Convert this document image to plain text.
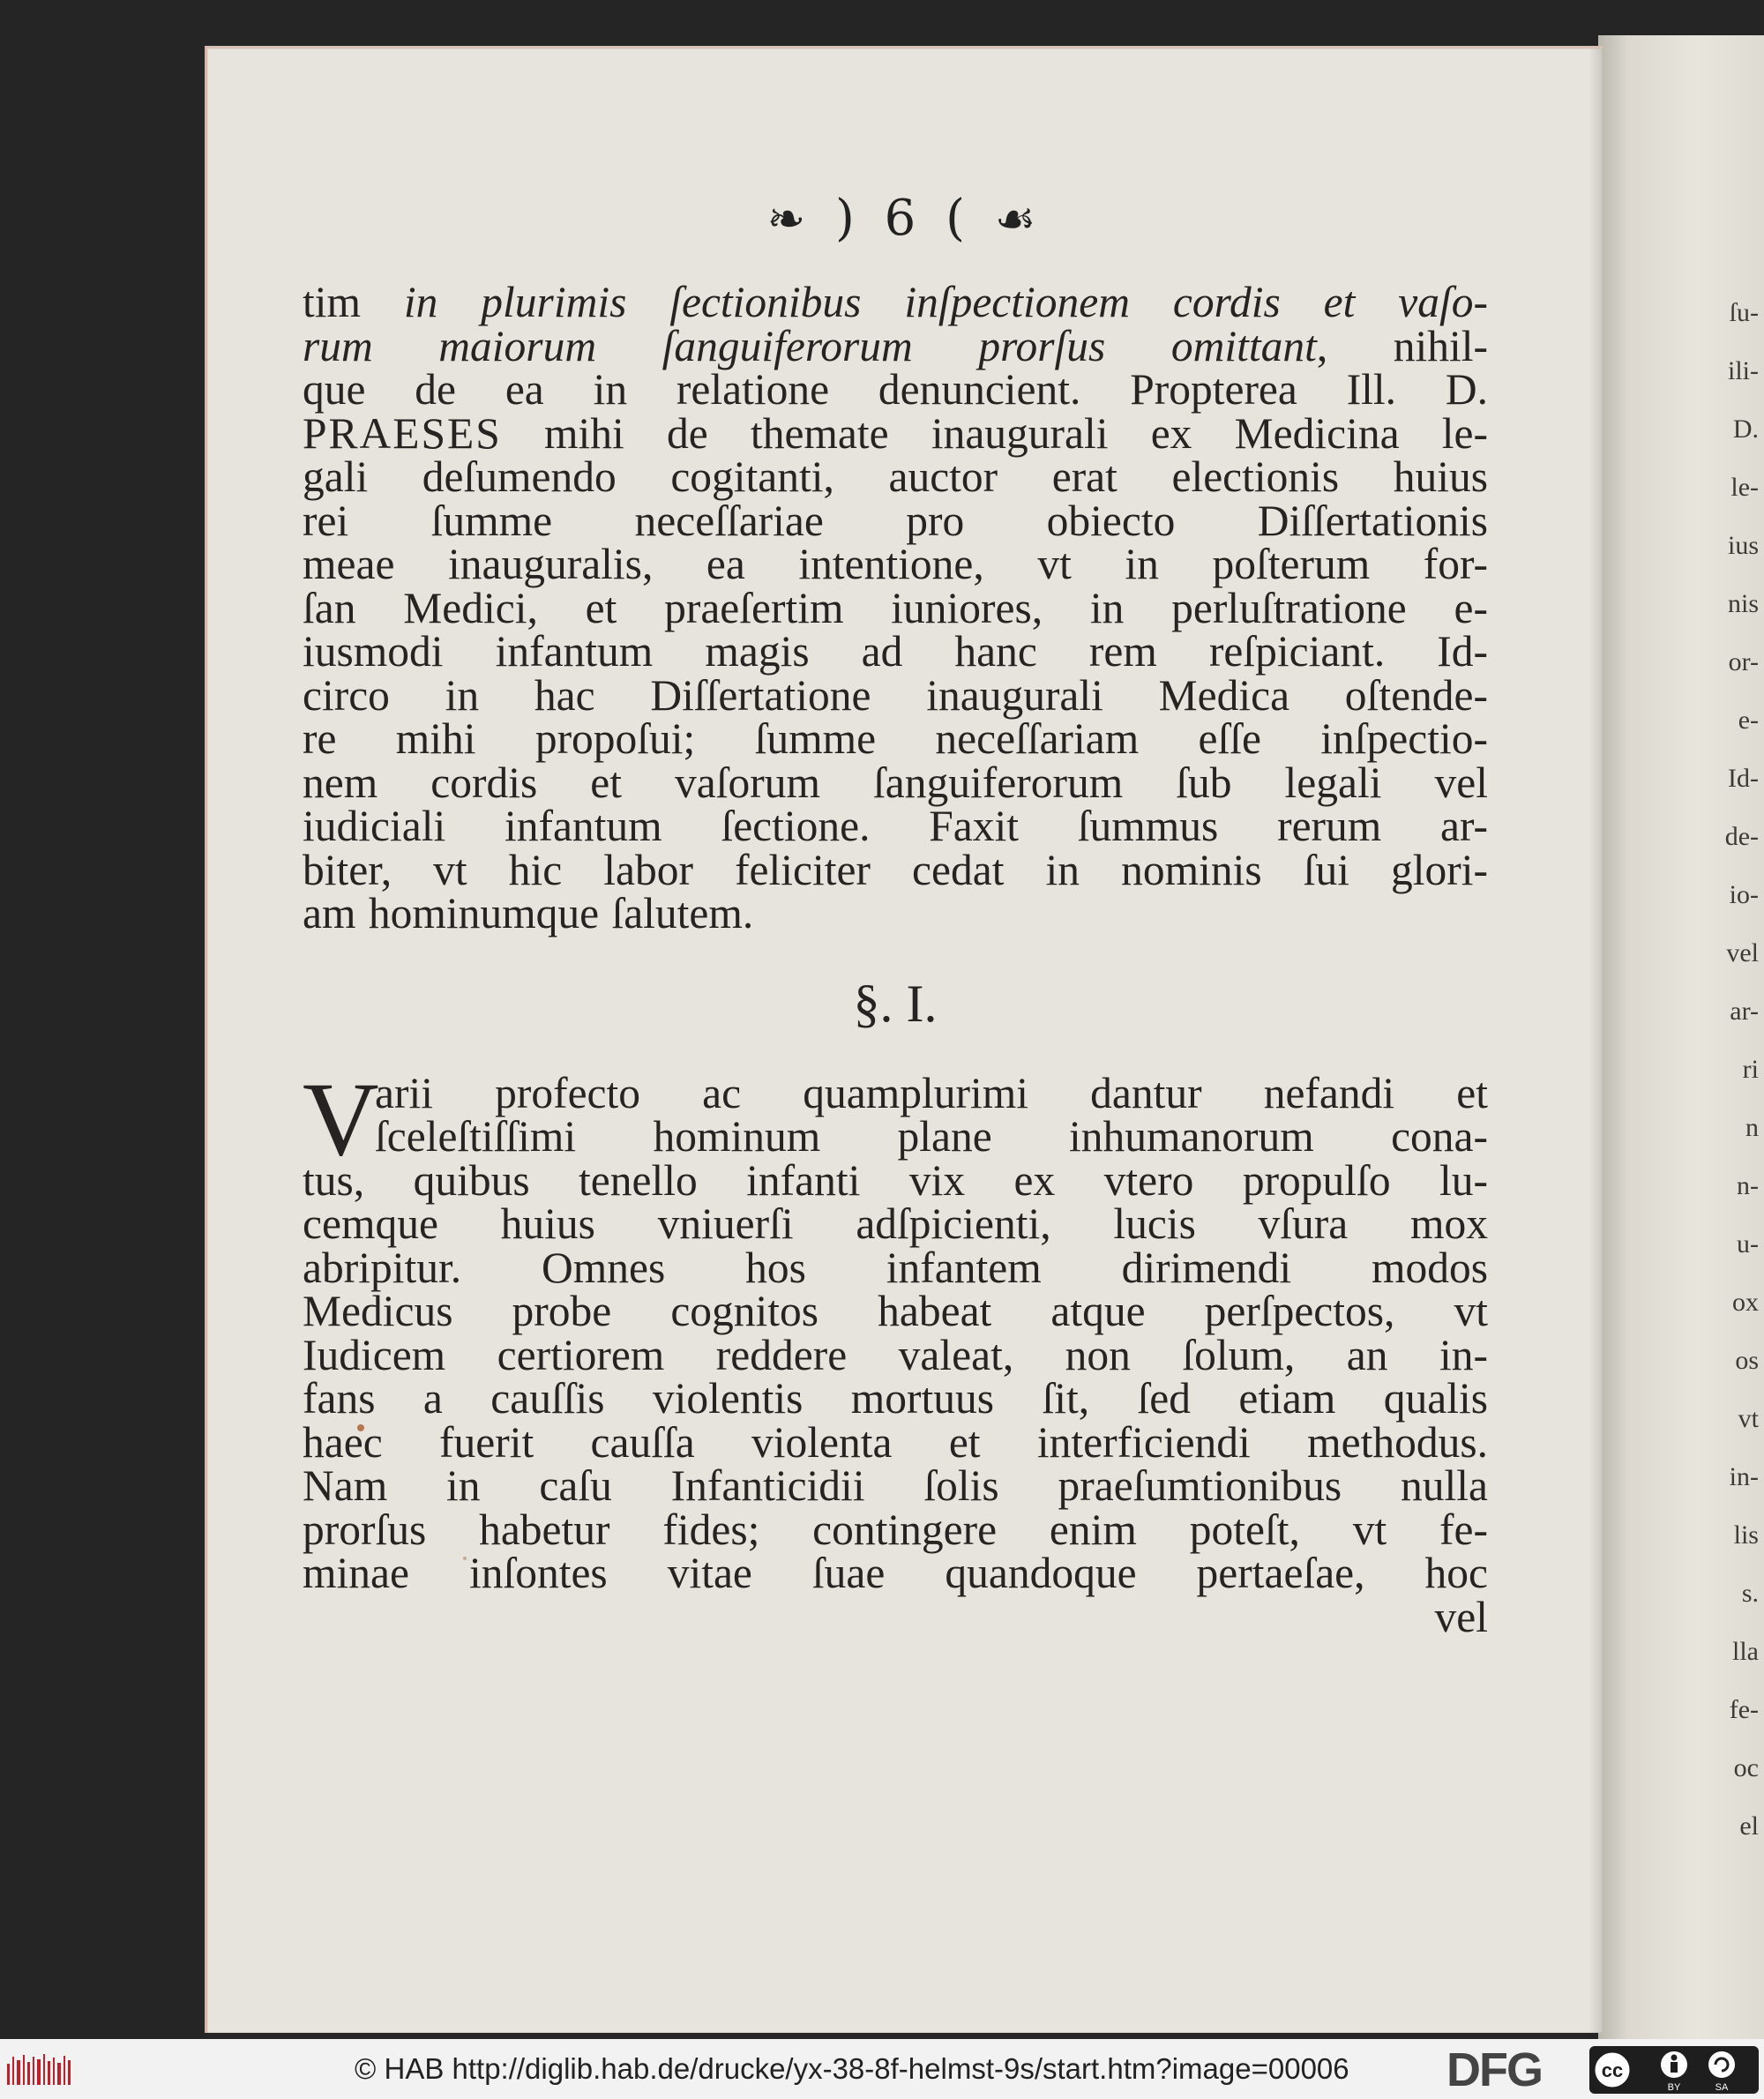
ſu-
ili-
D.
le-
ius
nis
or-
e-
Id-
de-
io-
vel
ar-
ri
n
n-
u-
ox
os
vt
in-
lis
s.
lla
fe-
oc
el
❧ ) 6 ( ☙
tim in plurimis ſectionibus inſpectionem cordis et vaſo-
rum maiorum ſanguiferorum prorſus omittant, nihil-
que de ea in relatione denuncient. Propterea Ill. D.
PRAESES mihi de themate inaugurali ex Medicina le-
gali deſumendo cogitanti, auctor erat electionis huius
rei ſumme neceſſariae pro obiecto Diſſertationis
meae inauguralis, ea intentione, vt in poſterum for-
ſan Medici, et praeſertim iuniores, in perluſtratione e-
iusmodi infantum magis ad hanc rem reſpiciant. Id-
circo in hac Diſſertatione inaugurali Medica oſtende-
re mihi propoſui; ſumme neceſſariam eſſe inſpectio-
nem cordis et vaſorum ſanguiferorum ſub legali vel
iudiciali infantum ſectione. Faxit ſummus rerum ar-
biter, vt hic labor feliciter cedat in nominis ſui glori-
am hominumque ſalutem.
§. I.
V
arii profecto ac quamplurimi dantur nefandi et
ſceleſtiſſimi hominum plane inhumanorum cona-
tus, quibus tenello infanti vix ex vtero propulſo lu-
cemque huius vniuerſi adſpicienti, lucis vſura mox
abripitur. Omnes hos infantem dirimendi modos
Medicus probe cognitos habeat atque perſpectos, vt
Iudicem certiorem reddere valeat, non ſolum, an in-
fans a cauſſis violentis mortuus ſit, ſed etiam qualis
haec fuerit cauſſa violenta et interficiendi methodus.
Nam in caſu Infanticidii ſolis praeſumtionibus nulla
prorſus habetur fides; contingere enim poteſt, vt fe-
minae inſontes vitae ſuae quandoque pertaeſae, hoc
vel
© HAB http://diglib.hab.de/drucke/yx-38-8f-helmst-9s/start.htm?image=00006 DFG	cc
BY	SA
